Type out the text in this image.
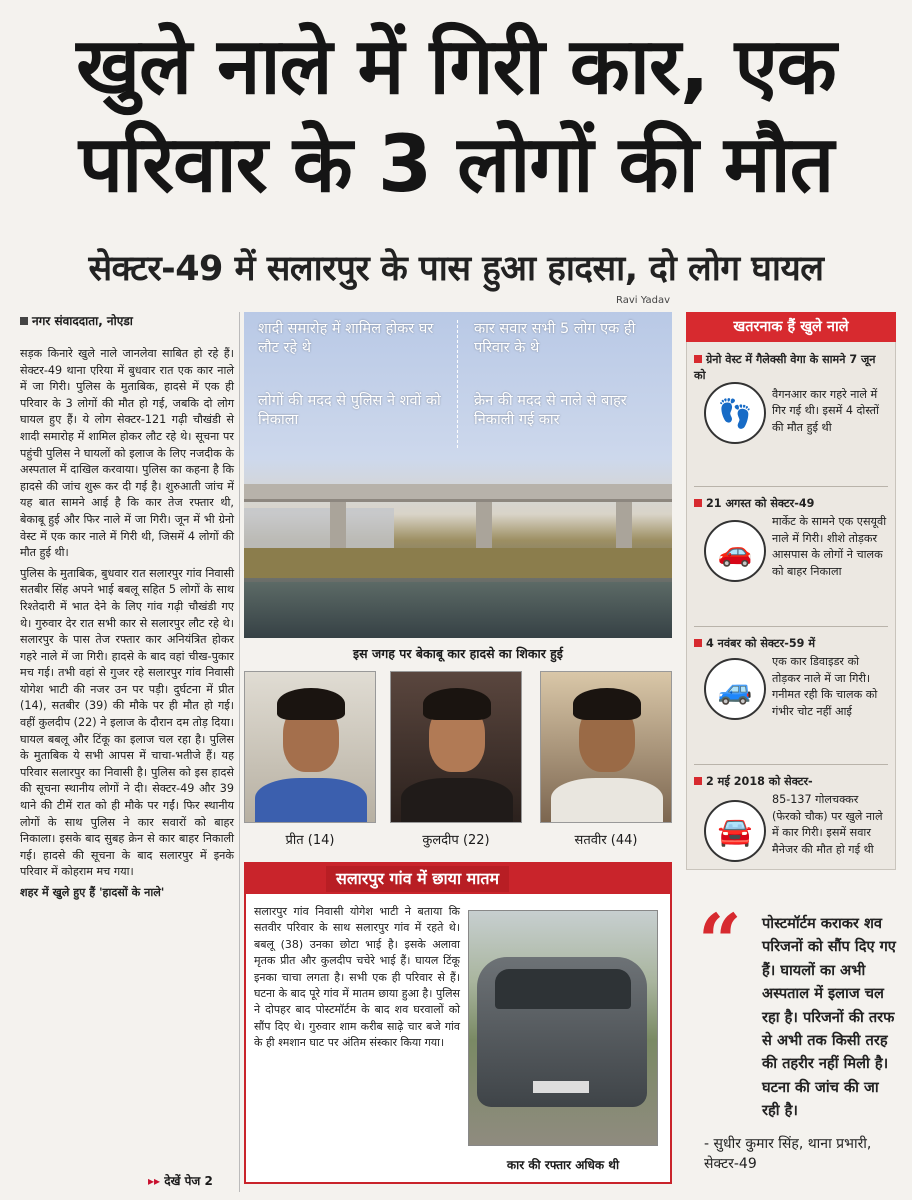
खुले नाले में गिरी कार, एक
परिवार के 3 लोगों की मौत
सेक्टर-49 में सलारपुर के पास हुआ हादसा, दो लोग घायल
Ravi Yadav
नगर संवाददाता, नोएडा

सड़क किनारे खुले नाले जानलेवा साबित हो रहे हैं। सेक्टर-49 थाना एरिया में बुधवार रात एक कार नाले में जा गिरी। पुलिस के मुताबिक, हादसे में एक ही परिवार के 3 लोगों की मौत हो गई, जबकि दो लोग घायल हुए हैं। ये लोग सेक्टर-121 गढ़ी चौखंडी से शादी समारोह में शामिल होकर लौट रहे थे। सूचना पर पहुंची पुलिस ने घायलों को इलाज के लिए नजदीक के अस्पताल में दाखिल करवाया। पुलिस का कहना है कि हादसे की जांच शुरू कर दी गई है। शुरुआती जांच में यह बात सामने आई है कि कार तेज रफ्तार थी, बेकाबू हुई और फिर नाले में जा गिरी। जून में भी ग्रेनो वेस्ट में एक कार नाले में गिरी थी, जिसमें 4 लोगों की मौत हुई थी।

पुलिस के मुताबिक, बुधवार रात सलारपुर गांव निवासी सतबीर सिंह अपने भाई बबलू सहित 5 लोगों के साथ रिश्तेदारी में भात देने के लिए गांव गढ़ी चौखंडी गए थे। गुरुवार देर रात सभी कार से सलारपुर लौट रहे थे। सलारपुर के पास तेज रफ्तार कार अनियंत्रित होकर गहरे नाले में जा गिरी। हादसे के बाद वहां चीख-पुकार मच गई। तभी वहां से गुजर रहे सलारपुर गांव निवासी योगेश भाटी की नजर उन पर पड़ी। दुर्घटना में प्रीत (14), सतबीर (39) की मौके पर ही मौत हो गई। वहीं कुलदीप (22) ने इलाज के दौरान दम तोड़ दिया। घायल बबलू और टिंकू का इलाज चल रहा है। पुलिस के मुताबिक ये सभी आपस में चाचा-भतीजे हैं। यह परिवार सलारपुर का निवासी है। पुलिस को इस हादसे की सूचना स्थानीय लोगों ने दी। सेक्टर-49 और 39 थाने की टीमें रात को ही मौके पर गईं। फिर स्थानीय लोगों के साथ पुलिस ने कार सवारों को बाहर निकाला। इसके बाद सुबह क्रेन से कार बाहर निकाली गई। हादसे की सूचना के बाद सलारपुर में इनके परिवार में कोहराम मच गया।

शहर में खुले हुए हैं 'हादसों के नाले'

▸▸ देखें पेज 2
शादी समारोह में शामिल होकर घर लौट रहे थे
कार सवार सभी 5 लोग एक ही परिवार के थे
लोगों की मदद से पुलिस ने शवों को निकाला
क्रेन की मदद से नाले से बाहर निकाली गई कार
इस जगह पर बेकाबू कार हादसे का शिकार हुई
प्रीत (14)	कुलदीप (22)	सतवीर (44)
सलारपुर गांव में छाया मातम
सलारपुर गांव निवासी योगेश भाटी ने बताया कि सतवीर परिवार के साथ सलारपुर गांव में रहते थे। बबलू (38) उनका छोटा भाई है। इसके अलावा मृतक प्रीत और कुलदीप चचेरे भाई हैं। घायल टिंकू इनका चाचा लगता है। सभी एक ही परिवार से हैं। घटना के बाद पूरे गांव में मातम छाया हुआ है। पुलिस ने दोपहर बाद पोस्टमॉर्टम के बाद शव घरवालों को सौंप दिए थे। गुरुवार शाम करीब साढ़े चार बजे गांव के ही श्मशान घाट पर अंतिम संस्कार किया गया।
कार की रफ्तार अधिक थी
खतरनाक हैं खुले नाले
👣
ग्रेनो वेस्ट में गैलेक्सी वेगा के सामने 7 जून को
वैगनआर कार गहरे नाले में गिर गई थी। इसमें 4 दोस्तों की मौत हुई थी
🚗
21 अगस्त को सेक्टर-49
मार्केट के सामने एक एसयूवी नाले में गिरी। शीशे तोड़कर आसपास के लोगों ने चालक को बाहर निकाला
🚙
4 नवंबर को सेक्टर-59 में
एक कार डिवाइडर को तोड़कर नाले में जा गिरी। गनीमत रही कि चालक को गंभीर चोट नहीं आई
🚘
2 मई 2018 को सेक्टर-
85-137 गोलचक्कर (फेरको चौक) पर खुले नाले में कार गिरी। इसमें सवार मैनेजर की मौत हो गई थी
“	पोस्टमॉर्टम कराकर शव परिजनों को सौंप दिए गए हैं। घायलों का अभी अस्पताल में इलाज चल रहा है। परिजनों की तरफ से अभी तक किसी तरह की तहरीर नहीं मिली है। घटना की जांच की जा रही है।
- सुधीर कुमार सिंह, थाना प्रभारी, सेक्टर-49
